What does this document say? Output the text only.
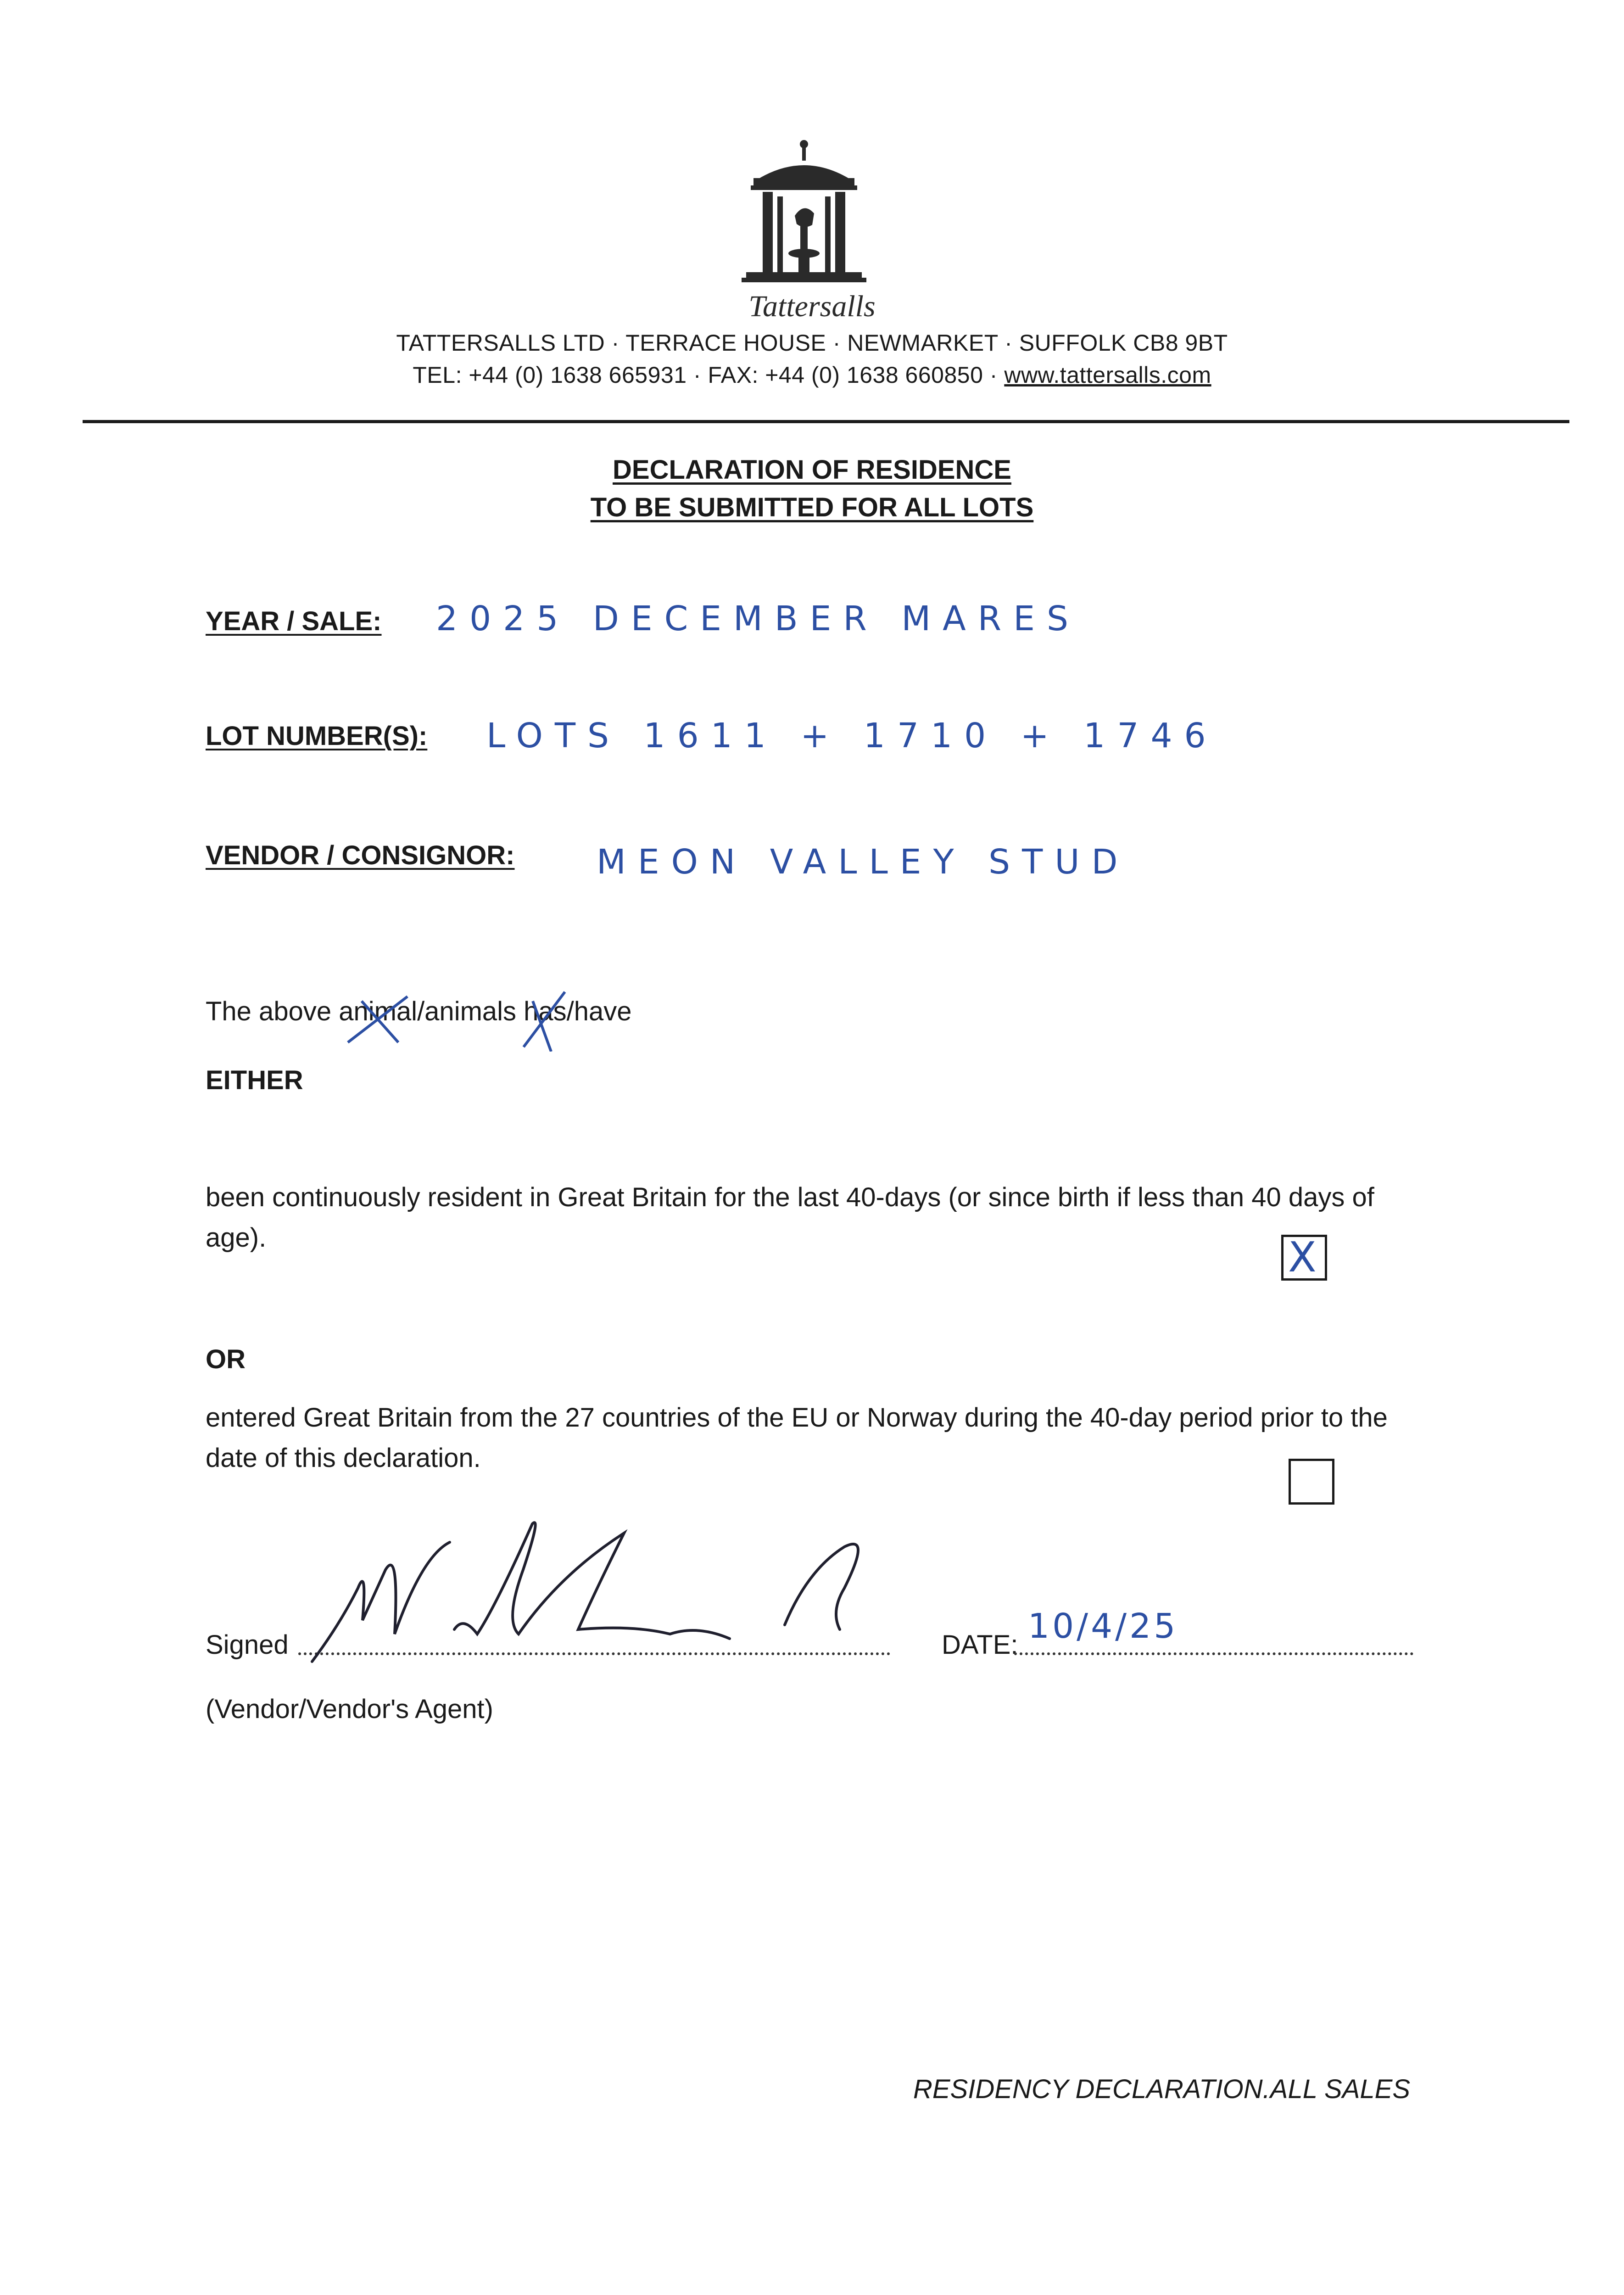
Tattersalls
TATTERSALLS LTD · TERRACE HOUSE · NEWMARKET · SUFFOLK CB8 9BT
TEL: +44 (0) 1638 665931 · FAX: +44 (0) 1638 660850 · www.tattersalls.com
DECLARATION OF RESIDENCE
TO BE SUBMITTED FOR ALL LOTS
YEAR / SALE: 2025 DECEMBER MARES
LOT NUMBER(S): LOTS 1611 + 1710 + 1746
VENDOR / CONSIGNOR: MEON VALLEY STUD
The above animal
/animals has
/have
EITHER
been continuously resident in Great Britain for the last 40-days (or since birth if less than 40 days of age).	X
OR
entered Great Britain from the 27 countries of the EU or Norway during the 40-day period prior to the date of this declaration.
Signed	DATE: 10/4/25
(Vendor/Vendor's Agent)
RESIDENCY DECLARATION.ALL SALES
